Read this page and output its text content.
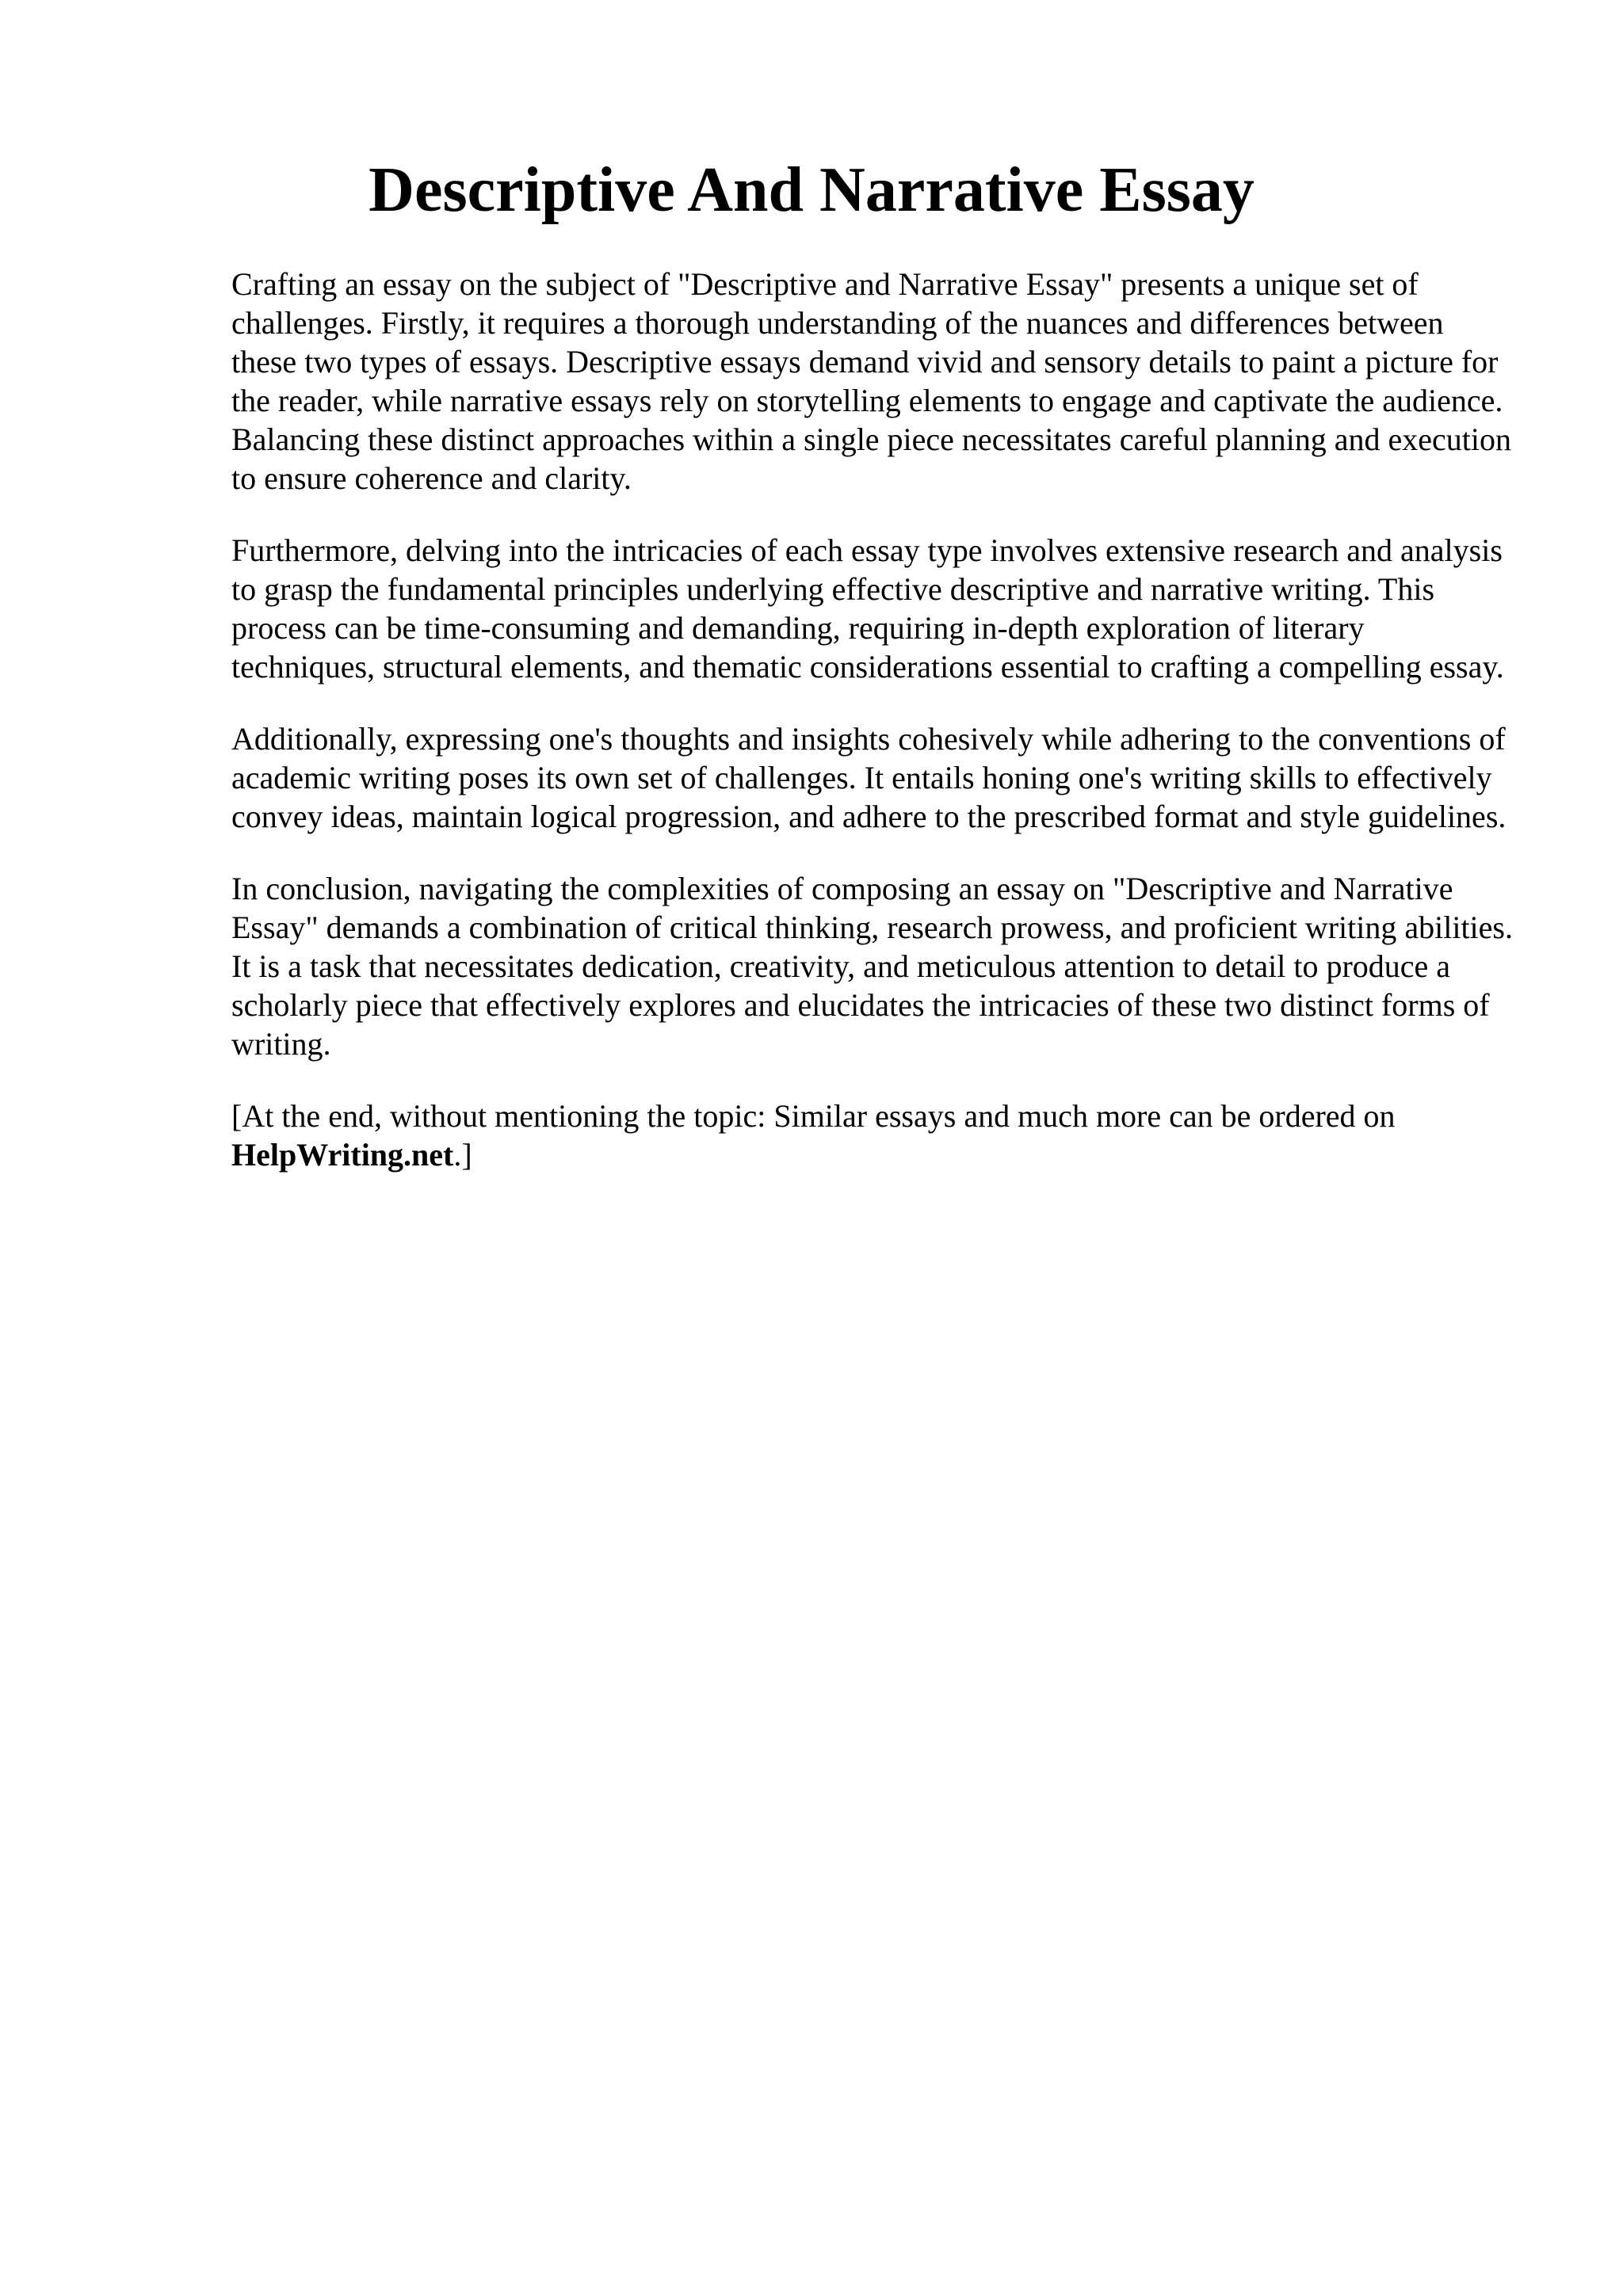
Descriptive And Narrative Essay

Crafting an essay on the subject of "Descriptive and Narrative Essay" presents a unique set of challenges. Firstly, it requires a thorough understanding of the nuances and differences between these two types of essays. Descriptive essays demand vivid and sensory details to paint a picture for the reader, while narrative essays rely on storytelling elements to engage and captivate the audience. Balancing these distinct approaches within a single piece necessitates careful planning and execution to ensure coherence and clarity.

Furthermore, delving into the intricacies of each essay type involves extensive research and analysis to grasp the fundamental principles underlying effective descriptive and narrative writing. This process can be time-consuming and demanding, requiring in-depth exploration of literary techniques, structural elements, and thematic considerations essential to crafting a compelling essay.

Additionally, expressing one's thoughts and insights cohesively while adhering to the conventions of academic writing poses its own set of challenges. It entails honing one's writing skills to effectively convey ideas, maintain logical progression, and adhere to the prescribed format and style guidelines.

In conclusion, navigating the complexities of composing an essay on "Descriptive and Narrative Essay" demands a combination of critical thinking, research prowess, and proficient writing abilities. It is a task that necessitates dedication, creativity, and meticulous attention to detail to produce a scholarly piece that effectively explores and elucidates the intricacies of these two distinct forms of writing.

[At the end, without mentioning the topic: Similar essays and much more can be ordered on HelpWriting.net.]
